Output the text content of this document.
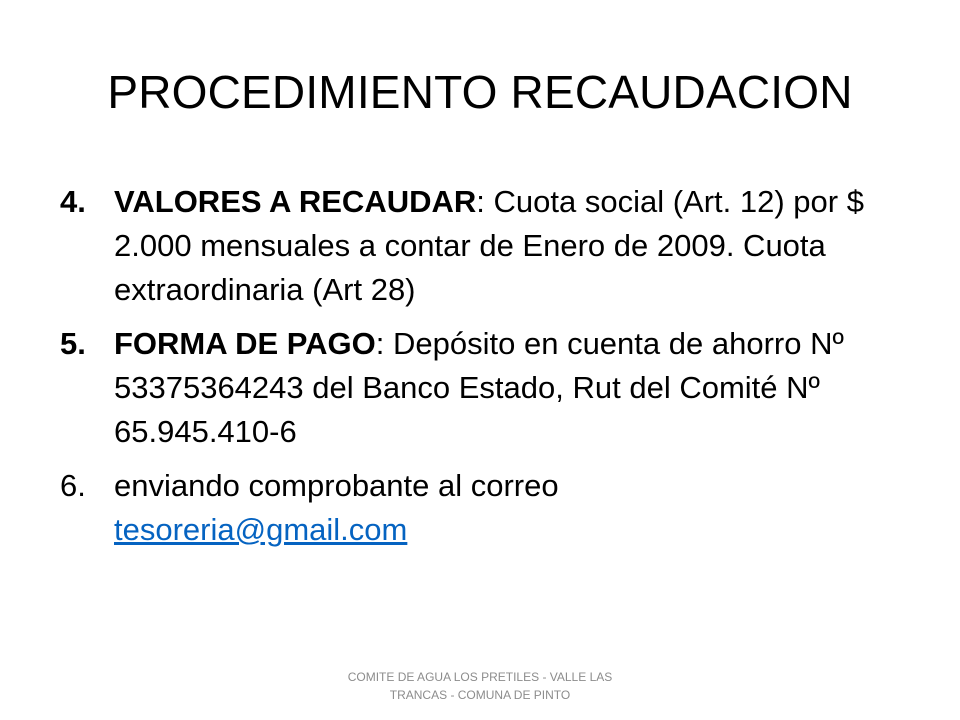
PROCEDIMIENTO RECAUDACION
4. VALORES A RECAUDAR: Cuota social (Art. 12) por $ 2.000 mensuales a contar de Enero de 2009. Cuota extraordinaria (Art 28)
5. FORMA DE PAGO: Depósito en cuenta de ahorro Nº 53375364243 del Banco Estado, Rut del Comité Nº 65.945.410-6
6. enviando comprobante al correo
tesoreria@gmail.com
COMITE DE AGUA LOS PRETILES - VALLE LAS TRANCAS - COMUNA DE PINTO
